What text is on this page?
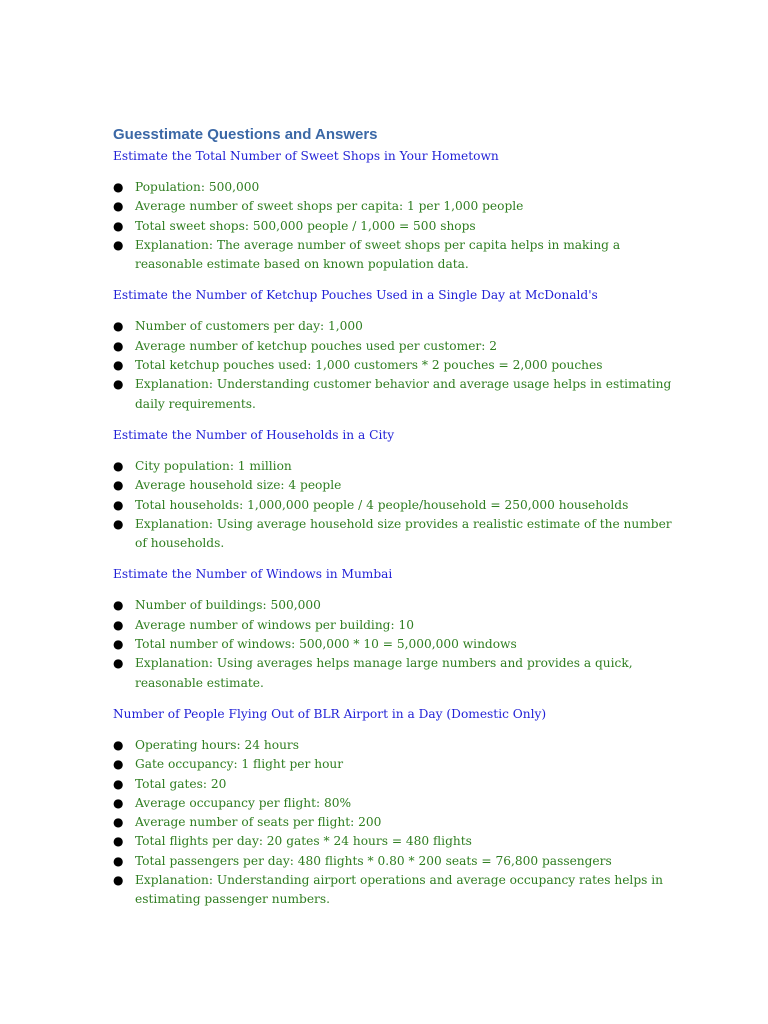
Guesstimate Questions and Answers

Estimate the Total Number of Sweet Shops in Your Hometown

● Population: 500,000
● Average number of sweet shops per capita: 1 per 1,000 people
● Total sweet shops: 500,000 people / 1,000 = 500 shops
● Explanation: The average number of sweet shops per capita helps in making a reasonable estimate based on known population data.

Estimate the Number of Ketchup Pouches Used in a Single Day at McDonald's

● Number of customers per day: 1,000
● Average number of ketchup pouches used per customer: 2
● Total ketchup pouches used: 1,000 customers * 2 pouches = 2,000 pouches
● Explanation: Understanding customer behavior and average usage helps in estimating daily requirements.

Estimate the Number of Households in a City

● City population: 1 million
● Average household size: 4 people
● Total households: 1,000,000 people / 4 people/household = 250,000 households
● Explanation: Using average household size provides a realistic estimate of the number of households.

Estimate the Number of Windows in Mumbai

● Number of buildings: 500,000
● Average number of windows per building: 10
● Total number of windows: 500,000 * 10 = 5,000,000 windows
● Explanation: Using averages helps manage large numbers and provides a quick, reasonable estimate.

Number of People Flying Out of BLR Airport in a Day (Domestic Only)

● Operating hours: 24 hours
● Gate occupancy: 1 flight per hour
● Total gates: 20
● Average occupancy per flight: 80%
● Average number of seats per flight: 200
● Total flights per day: 20 gates * 24 hours = 480 flights
● Total passengers per day: 480 flights * 0.80 * 200 seats = 76,800 passengers
● Explanation: Understanding airport operations and average occupancy rates helps in estimating passenger numbers.
